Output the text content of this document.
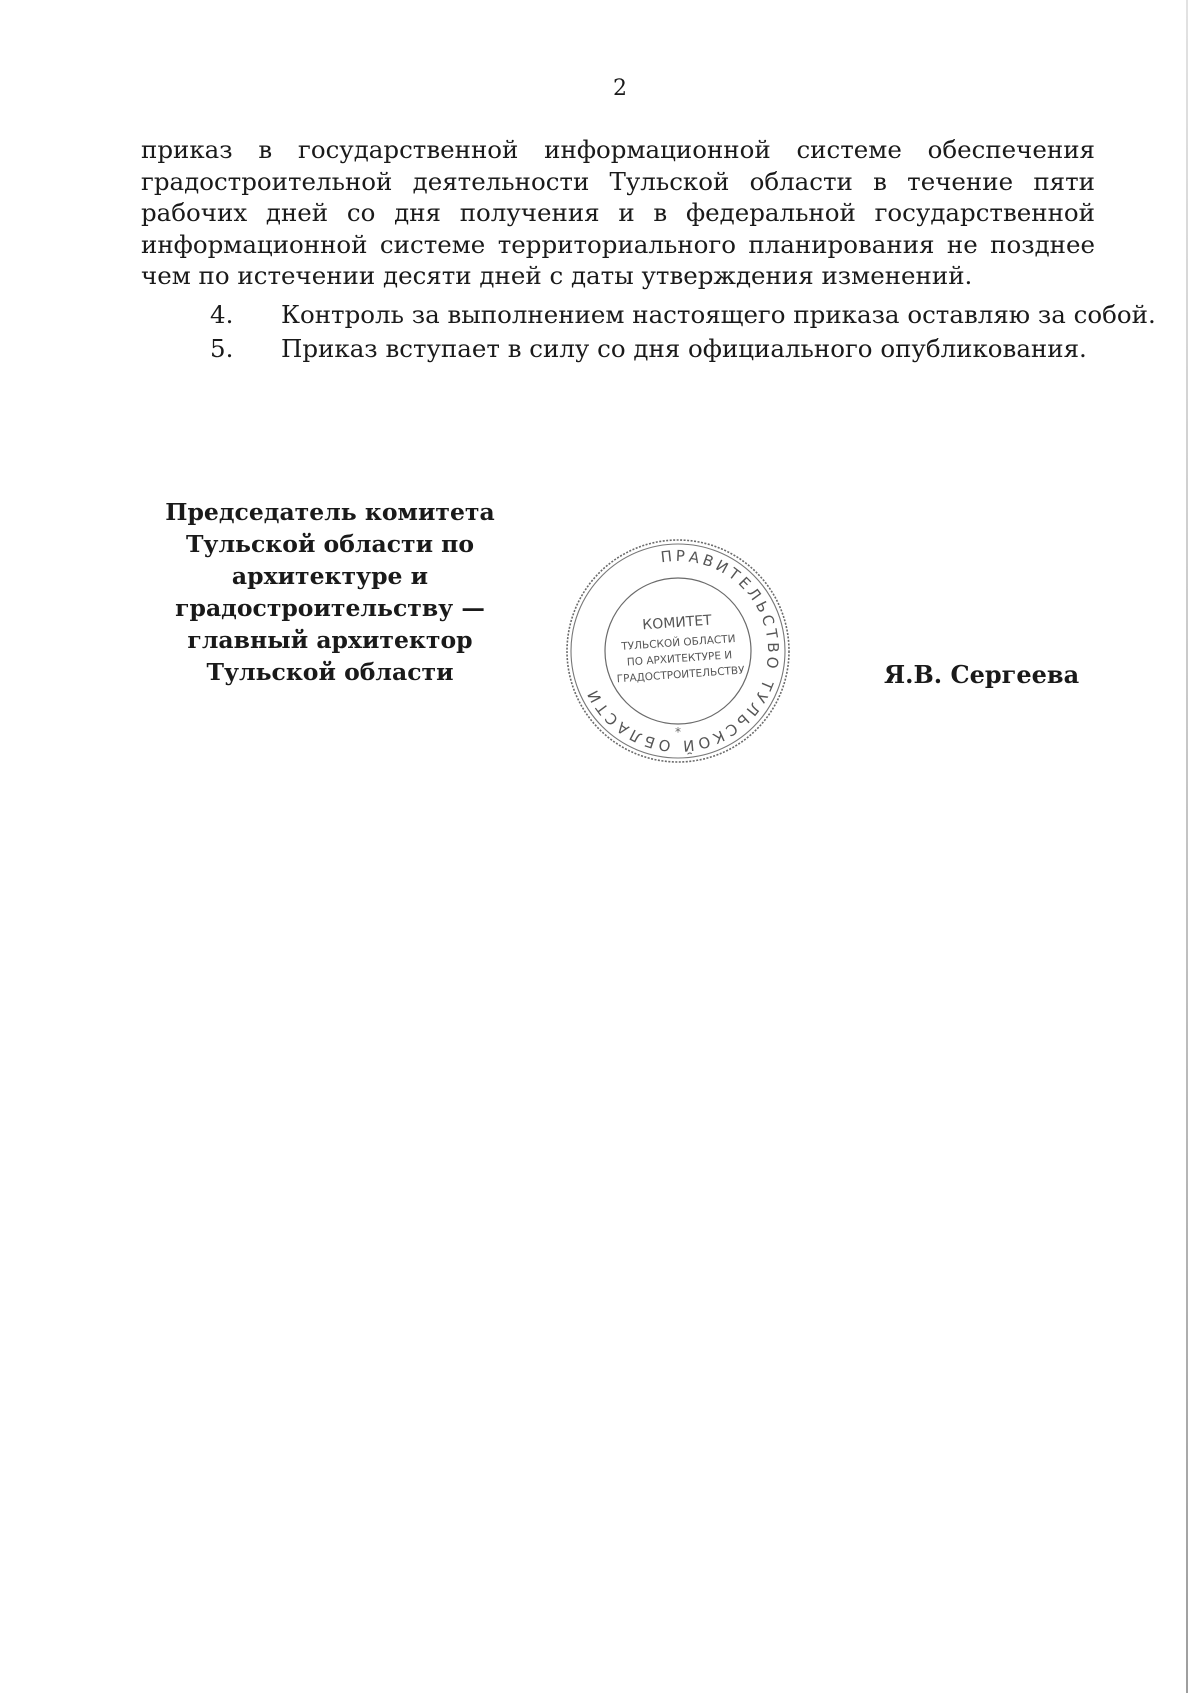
2

приказ в государственной информационной системе обеспечения градостроительной деятельности Тульской области в течение пяти рабочих дней со дня получения и в федеральной государственной информационной системе территориального планирования не позднее чем по истечении десяти дней с даты утверждения изменений.

4. Контроль за выполнением настоящего приказа оставляю за собой.
5. Приказ вступает в силу со дня официального опубликования.
Председатель комитета
Тульской области по
архитектуре и
градостроительству —
главный архитектор
Тульской области
ПРАВИТЕЛЬСТВО ТУЛЬСКОЙ ОБЛАСТИ
КОМИТЕТ
ТУЛЬСКОЙ ОБЛАСТИ
ПО АРХИТЕКТУРЕ И
ГРАДОСТРОИТЕЛЬСТВУ
*
Я.В. Сергеева
